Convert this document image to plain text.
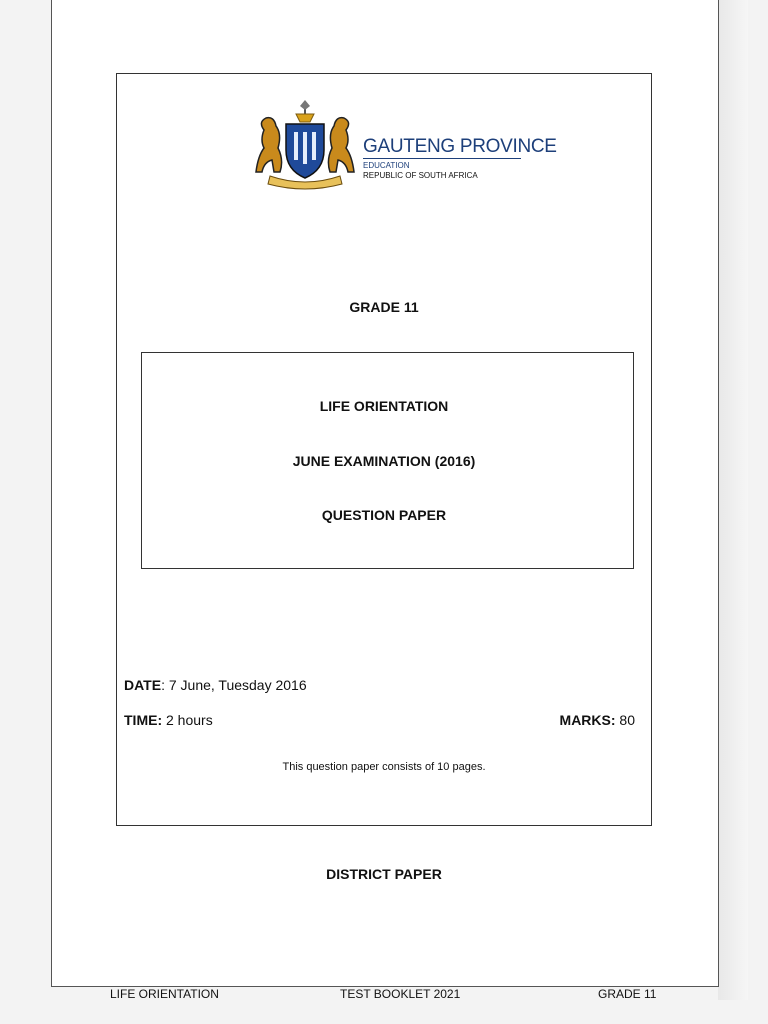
GAUTENG PROVINCE
EDUCATION
REPUBLIC OF SOUTH AFRICA
GRADE 11
LIFE ORIENTATION
JUNE EXAMINATION (2016)
QUESTION PAPER
DATE: 7 June, Tuesday 2016
TIME: 2 hours	MARKS: 80
This question paper consists of 10 pages.
DISTRICT PAPER
LIFE ORIENTATION	TEST BOOKLET 2021	GRADE 11
